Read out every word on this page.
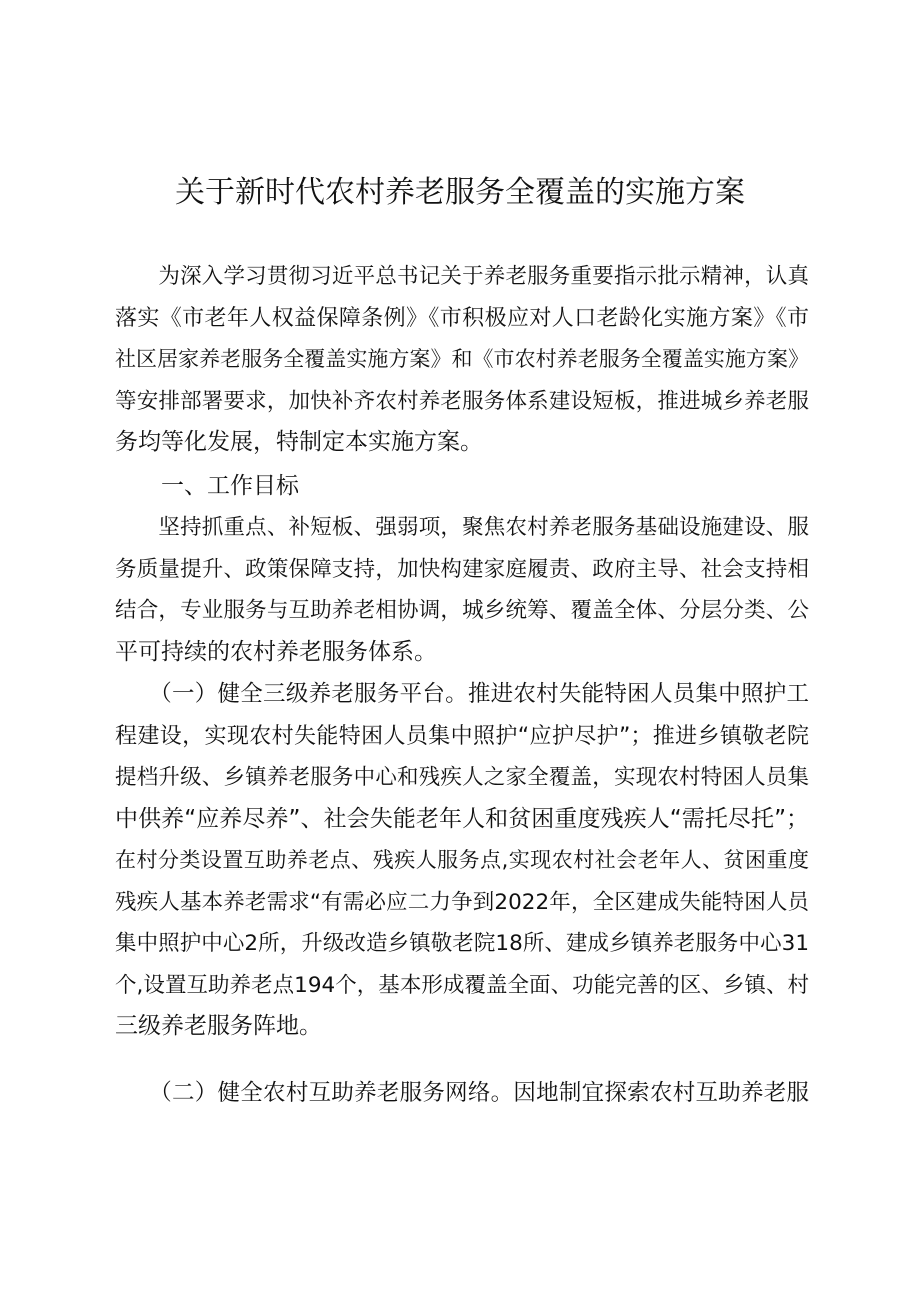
关于新时代农村养老服务全覆盖的实施方案
　　为深入学习贯彻习近平总书记关于养老服务重要指示批示精神，认真
落实《市老年人权益保障条例》《市积极应对人口老龄化实施方案》《市
社区居家养老服务全覆盖实施方案》和《市农村养老服务全覆盖实施方案》
等安排部署要求，加快补齐农村养老服务体系建设短板，推进城乡养老服
务均等化发展，特制定本实施方案。
　　一、工作目标
　　坚持抓重点、补短板、强弱项，聚焦农村养老服务基础设施建设、服
务质量提升、政策保障支持，加快构建家庭履责、政府主导、社会支持相
结合，专业服务与互助养老相协调，城乡统筹、覆盖全体、分层分类、公
平可持续的农村养老服务体系。
　　（一）健全三级养老服务平台。推进农村失能特困人员集中照护工
程建设，实现农村失能特困人员集中照护“应护尽护”；推进乡镇敬老院
提档升级、乡镇养老服务中心和残疾人之家全覆盖，实现农村特困人员集
中供养“应养尽养”、社会失能老年人和贫困重度残疾人“需托尽托”；
在村分类设置互助养老点、残疾人服务点,实现农村社会老年人、贫困重度
残疾人基本养老需求“有需必应二力争到2022年，全区建成失能特困人员
集中照护中心2所，升级改造乡镇敬老院18所、建成乡镇养老服务中心31
个,设置互助养老点194个，基本形成覆盖全面、功能完善的区、乡镇、村
三级养老服务阵地。
　　（二）健全农村互助养老服务网络。因地制宜探索农村互助养老服
